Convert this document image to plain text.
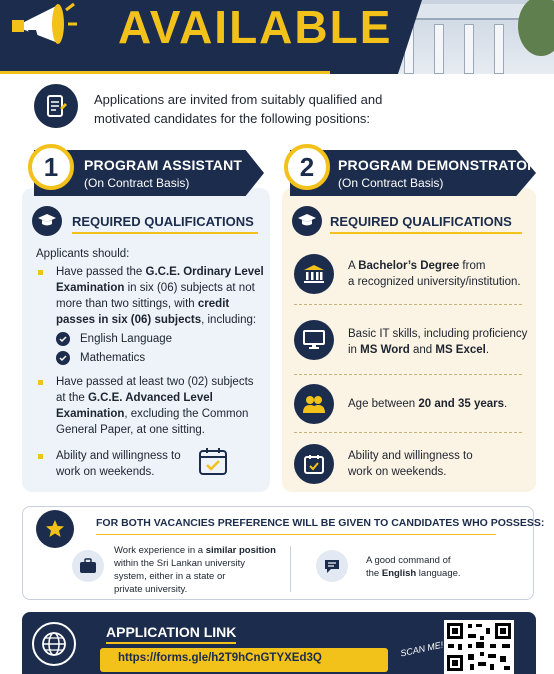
AVAILABLE
Applications are invited from suitably qualified and
motivated candidates for the following positions:
1	PROGRAM ASSISTANT
(On Contract Basis)
2	PROGRAM DEMONSTRATOR
(On Contract Basis)
REQUIRED QUALIFICATIONS
Applicants should:
Have passed the G.C.E. Ordinary Level
Examination in six (06) subjects at not
more than two sittings, with credit
passes in six (06) subjects, including:
English Language
Mathematics
Have passed at least two (02) subjects
at the G.C.E. Advanced Level
Examination, excluding the Common
General Paper, at one sitting.
Ability and willingness to
work on weekends.
REQUIRED QUALIFICATIONS
A Bachelor’s Degree from
a recognized university/institution.
Basic IT skills, including proficiency
in MS Word and MS Excel.
Age between 20 and 35 years.
Ability and willingness to
work on weekends.
FOR BOTH VACANCIES PREFERENCE WILL BE GIVEN TO CANDIDATES WHO POSSESS:
Work experience in a similar position
within the Sri Lankan university
system, either in a state or
private university.
A good command of
the English language.
APPLICATION LINK
https://forms.gle/h2T9hCnGTYXEd3Q	SCAN ME!
